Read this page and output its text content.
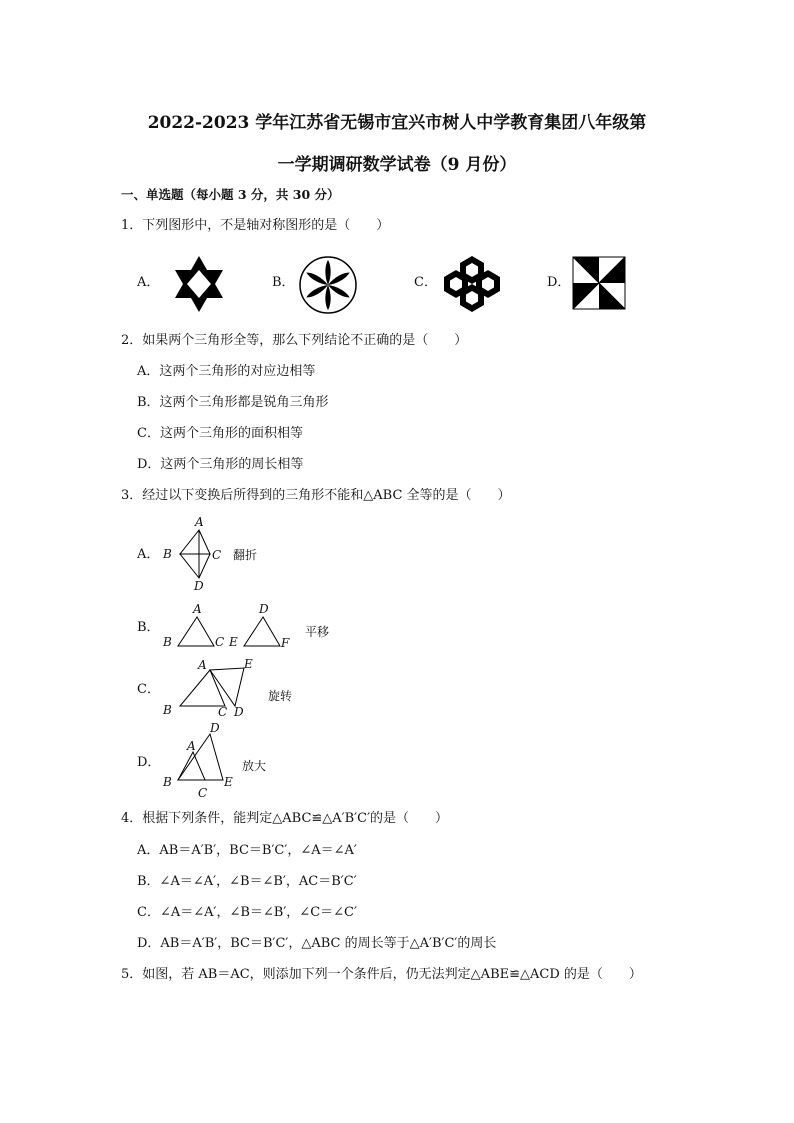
2022-2023 学年江苏省无锡市宜兴市树人中学教育集团八年级第
一学期调研数学试卷（9 月份）
一、单选题（每小题 3 分，共 30 分）
1．下列图形中，不是轴对称图形的是（　　）
A．	B．	C．	D．
2．如果两个三角形全等，那么下列结论不正确的是（　　）
A．这两个三角形的对应边相等
B．这两个三角形都是锐角三角形
C．这两个三角形的面积相等
D．这两个三角形的周长相等
3．经过以下变换后所得到的三角形不能和△ABC 全等的是（　　）
A．
A
B	C
D
翻折
B．
A
B	C E
D
F
平移
C．
A	E
B	C D
旋转
D．
D
A
B
C
E
放大
4．根据下列条件，能判定△ABC≌△A′B′C′的是（　　）
A．AB＝A′B′，BC＝B′C′，∠A＝∠A′
B．∠A＝∠A′，∠B＝∠B′，AC＝B′C′
C．∠A＝∠A′，∠B＝∠B′，∠C＝∠C′
D．AB＝A′B′，BC＝B′C′，△ABC 的周长等于△A′B′C′的周长
5．如图，若 AB＝AC，则添加下列一个条件后，仍无法判定△ABE≌△ACD 的是（　　）
